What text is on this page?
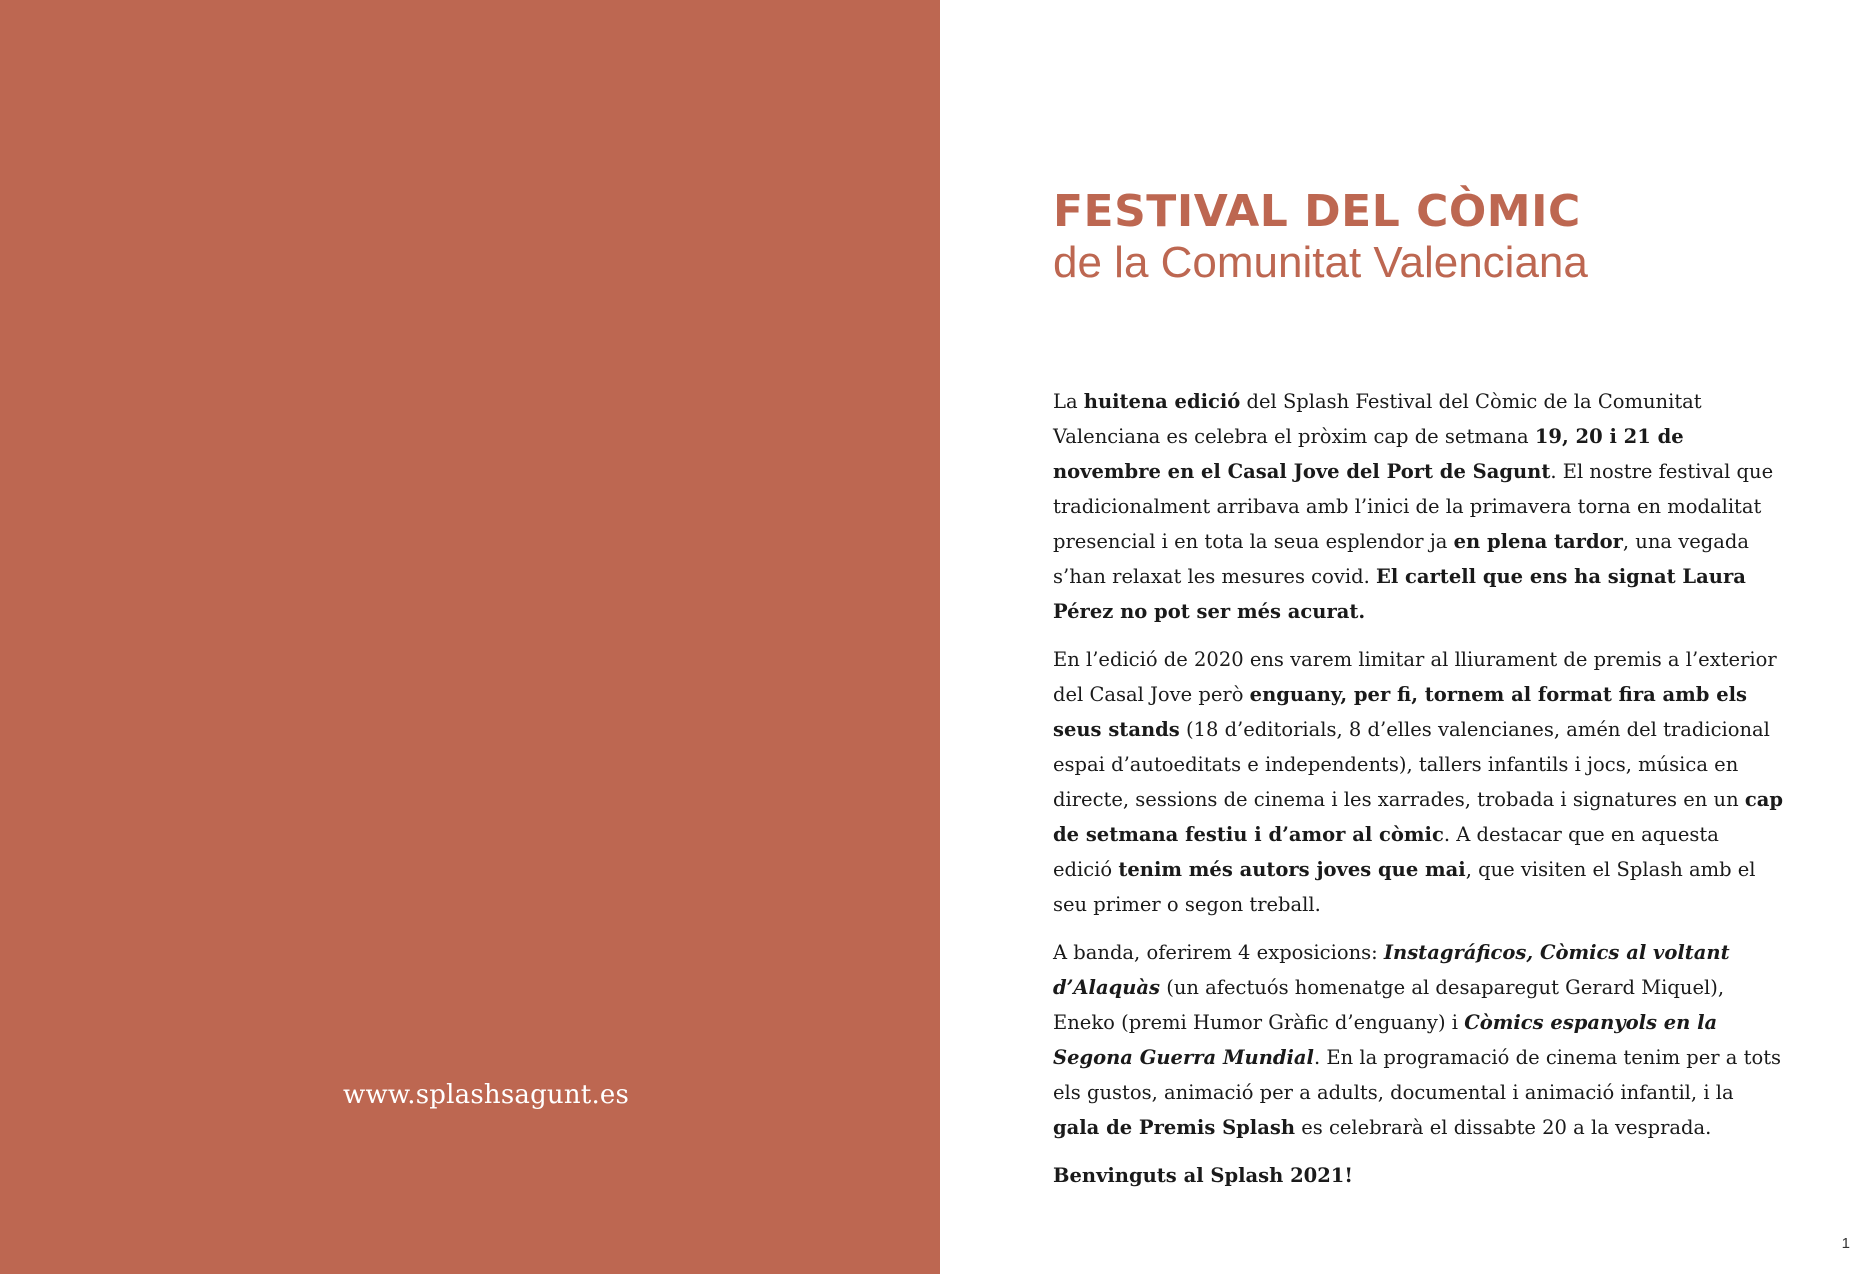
www.splashsagunt.es
FESTIVAL DEL CÒMIC
de la Comunitat Valenciana

La huitena edició del Splash Festival del Còmic de la Comunitat Valenciana es celebra el pròxim cap de setmana 19, 20 i 21 de novembre en el Casal Jove del Port de Sagunt. El nostre festival que tradicionalment arribava amb l’inici de la primavera torna en modalitat presencial i en tota la seua esplendor ja en plena tardor, una vegada s’han relaxat les mesures covid. El cartell que ens ha signat Laura Pérez no pot ser més acurat.

En l’edició de 2020 ens varem limitar al lliurament de premis a l’exterior del Casal Jove però enguany, per fi, tornem al format fira amb els seus stands (18 d’editorials, 8 d’elles valencianes, amén del tradicional espai d’autoeditats e independents), tallers infantils i jocs, música en directe, sessions de cinema i les xarrades, trobada i signatures en un cap de setmana festiu i d’amor al còmic. A destacar que en aquesta edició tenim més autors joves que mai, que visiten el Splash amb el seu primer o segon treball.

A banda, oferirem 4 exposicions: Instagráficos, Còmics al voltant d’Alaquàs (un afectuós homenatge al desaparegut Gerard Miquel), Eneko (premi Humor Gràfic d’enguany) i Còmics espanyols en la Segona Guerra Mundial. En la programació de cinema tenim per a tots els gustos, animació per a adults, documental i animació infantil, i la gala de Premis Splash es celebrarà el dissabte 20 a la vesprada.

Benvinguts al Splash 2021!

1
